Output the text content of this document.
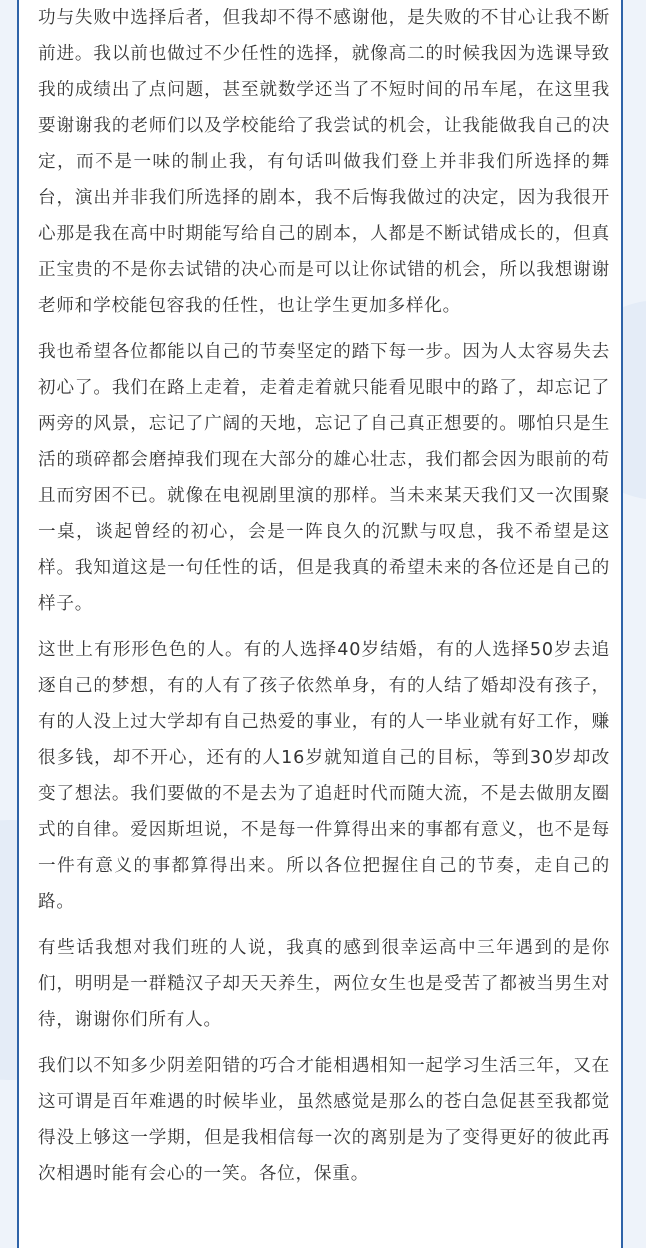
功与失败中选择后者，但我却不得不感谢他，是失败的不甘心让我不断前进。我以前也做过不少任性的选择，就像高二的时候我因为选课导致我的成绩出了点问题，甚至就数学还当了不短时间的吊车尾，在这里我要谢谢我的老师们以及学校能给了我尝试的机会，让我能做我自己的决定，而不是一味的制止我，有句话叫做我们登上并非我们所选择的舞台，演出并非我们所选择的剧本，我不后悔我做过的决定，因为我很开心那是我在高中时期能写给自己的剧本，人都是不断试错成长的，但真正宝贵的不是你去试错的决心而是可以让你试错的机会，所以我想谢谢老师和学校能包容我的任性，也让学生更加多样化。

我也希望各位都能以自己的节奏坚定的踏下每一步。因为人太容易失去初心了。我们在路上走着，走着走着就只能看见眼中的路了，却忘记了两旁的风景，忘记了广阔的天地，忘记了自己真正想要的。哪怕只是生活的琐碎都会磨掉我们现在大部分的雄心壮志，我们都会因为眼前的苟且而穷困不已。就像在电视剧里演的那样。当未来某天我们又一次围聚一桌，谈起曾经的初心，会是一阵良久的沉默与叹息，我不希望是这样。我知道这是一句任性的话，但是我真的希望未来的各位还是自己的样子。

这世上有形形色色的人。有的人选择40岁结婚，有的人选择50岁去追逐自己的梦想，有的人有了孩子依然单身，有的人结了婚却没有孩子，有的人没上过大学却有自己热爱的事业，有的人一毕业就有好工作，赚很多钱，却不开心，还有的人16岁就知道自己的目标，等到30岁却改变了想法。我们要做的不是去为了追赶时代而随大流，不是去做朋友圈式的自律。爱因斯坦说，不是每一件算得出来的事都有意义，也不是每一件有意义的事都算得出来。所以各位把握住自己的节奏，走自己的路。

有些话我想对我们班的人说，我真的感到很幸运高中三年遇到的是你们，明明是一群糙汉子却天天养生，两位女生也是受苦了都被当男生对待，谢谢你们所有人。

我们以不知多少阴差阳错的巧合才能相遇相知一起学习生活三年，又在这可谓是百年难遇的时候毕业，虽然感觉是那么的苍白急促甚至我都觉得没上够这一学期，但是我相信每一次的离别是为了变得更好的彼此再次相遇时能有会心的一笑。各位，保重。
